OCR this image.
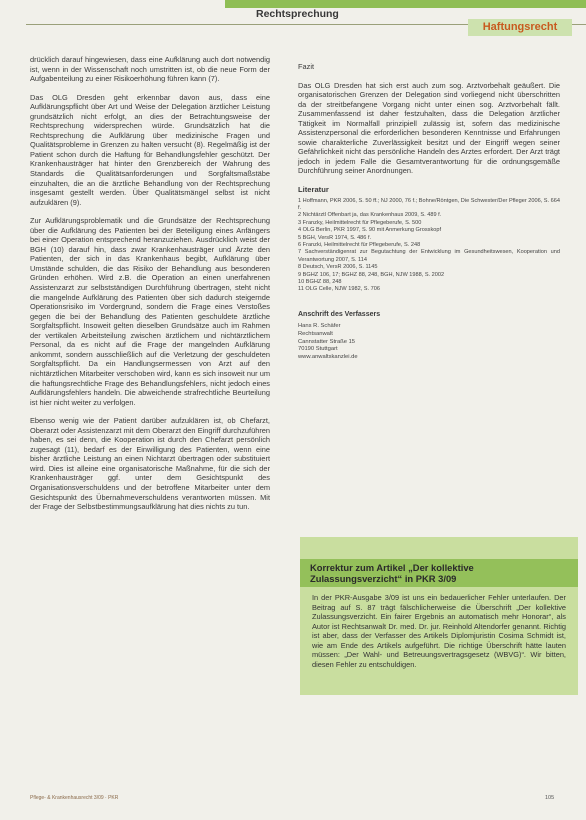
Rechtsprechung
Haftungsrecht

drücklich darauf hingewiesen, dass eine Aufklärung auch dort notwendig ist, wenn in der Wissenschaft noch umstritten ist, ob die neue Form der Aufgabenteilung zu einer Risikoerhöhung führen kann (7).

Das OLG Dresden geht erkennbar davon aus, dass eine Aufklärungspflicht über Art und Weise der Delegation ärztlicher Leistung grundsätzlich nicht erfolgt, an dies der Betrachtungsweise der Rechtsprechung widersprechen würde. Grundsätzlich hat die Rechtsprechung die Aufklärung über medizinische Fragen und Qualitätsprobleme in Grenzen zu halten versucht (8). Regelmäßig ist der Patient schon durch die Haftung für Behandlungsfehler geschützt. Der Krankenhausträger hat hinter den Grenzbereich der Wahrung des Standards die Qualitätsanforderungen und Sorgfaltsmaßstäbe einzuhalten, die an die ärztliche Behandlung von der Rechtsprechung insgesamt gestellt werden. Über Qualitätsmängel selbst ist nicht aufzuklären (9).

Zur Aufklärungsproblematik und die Grundsätze der Rechtsprechung über die Aufklärung des Patienten bei der Beteiligung eines Anfängers bei einer Operation entsprechend heranzuziehen. Ausdrücklich weist der BGH (10) darauf hin, dass zwar Krankenhausträger und Ärzte den Patienten, der sich in das Krankenhaus begibt, Aufklärung über Umstände schulden, die das Risiko der Behandlung aus besonderen Gründen erhöhen. Wird z.B. die Operation an einen unerfahrenen Assistenzarzt zur selbstständigen Durchführung übertragen, steht nicht die mangelnde Aufklärung des Patienten über sich dadurch steigernde Operationsrisiko im Vordergrund, sondern die Frage eines Verstoßes gegen die bei der Behandlung des Patienten geschuldete ärztliche Sorgfaltspflicht. Insoweit gelten dieselben Grundsätze auch im Rahmen der vertikalen Arbeitsteilung zwischen ärztlichem und nichtärztlichem Personal, da es nicht auf die Frage der mangelnden Aufklärung ankommt, sondern ausschließlich auf die Verletzung der geschuldeten Sorgfaltspflicht. Da ein Handlungsermessen von Arzt auf den nichtärztlichen Mitarbeiter verschoben wird, kann es sich insoweit nur um die haftungsrechtliche Frage des Behandlungsfehlers, nicht jedoch eines Aufklärungsfehlers handeln. Die abweichende strafrechtliche Beurteilung ist hier nicht weiter zu verfolgen.

Ebenso wenig wie der Patient darüber aufzuklären ist, ob Chefarzt, Oberarzt oder Assistenzarzt mit dem Oberarzt den Eingriff durchzuführen haben, es sei denn, die Kooperation ist durch den Chefarzt persönlich zugesagt (11), bedarf es der Einwilligung des Patienten, wenn eine bisher ärztliche Leistung an einen Nichtarzt übertragen oder substituiert wird. Dies ist alleine eine organisatorische Maßnahme, für die sich der Krankenhausträger ggf. unter dem Gesichtspunkt des Organisationsverschuldens und der betroffene Mitarbeiter unter dem Gesichtspunkt des Übernahmeverschuldens verantworten müssen. Mit der Frage der Selbstbestimmungsaufklärung hat dies nichts zu tun.

Fazit

Das OLG Dresden hat sich erst auch zum sog. Arztvorbehalt geäußert. Die organisatorischen Grenzen der Delegation sind vorliegend nicht überschritten da der streitbefangene Vorgang nicht unter einen sog. Arztvorbehalt fällt. Zusammenfassend ist daher festzuhalten, dass die Delegation ärztlicher Tätigkeit im Normalfall prinzipiell zulässig ist, sofern das medizinische Assistenzpersonal die erforderlichen besonderen Kenntnisse und Erfahrungen sowie charakterliche Zuverlässigkeit besitzt und der Eingriff wegen seiner Gefährlichkeit nicht das persönliche Handeln des Arztes erfordert. Der Arzt trägt jedoch in jedem Falle die Gesamtverantwortung für die ordnungsgemäße Durchführung seiner Anordnungen.

Literatur
1 Hoffmann, PKR 2006, S. 50 ff.; NJ 2000, 76 f.; Bohne/Röntgen, Die Schwester/Der Pfleger 2006, S. 664 f.
2 Nichtärztl Offenbart ja, das Krankenhaus 2009, S. 489 f.
3 Franzky, Heilmittelrecht für Pflegeberufe, S. 500
4 OLG Berlin, PKR 1997, S. 90 mit Anmerkung Grosskopf
5 BGH, VersR 1974, S. 486 f.
6 Franzki, Heilmittelrecht für Pflegeberufe, S. 248
7 Sachverständigenrat zur Begutachtung der Entwicklung im Gesundheitswesen, Kooperation und Verantwortung 2007, S. 114
8 Deutsch, VersR 2006, S. 1145
9 BGHZ 106, 17; BGHZ 88, 248, BGH, NJW 1988, S. 2002
10 BGHZ 88, 248
11 OLG Celle, NJW 1982, S. 706
Anschrift des Verfassers
Hans R. Schäfer
Rechtsanwalt
Cannstatter Straße 15
70190 Stuttgart
www.anwaltskanzlei.de
Korrektur zum Artikel „Der kollektive Zulassungsverzicht“ in PKR 3/09
In der PKR-Ausgabe 3/09 ist uns ein bedauerlicher Fehler unterlaufen. Der Beitrag auf S. 87 trägt fälschlicherweise die Überschrift „Der kollektive Zulassungsverzicht. Ein fairer Ergebnis an automatisch mehr Honorar“, als Autor ist Rechtsanwalt Dr. med. Dr. jur. Reinhold Altendorfer genannt. Richtig ist aber, dass der Verfasser des Artikels Diplomjuristin Cosima Schmidt ist, wie am Ende des Artikels aufgeführt. Die richtige Überschrift hätte lauten müssen: „Der Wahl- und Betreuungsvertragsgesetz (WBVG)“. Wir bitten, diesen Fehler zu entschuldigen.
Pflege- & Krankenhausrecht 3/09 · PKR	105
